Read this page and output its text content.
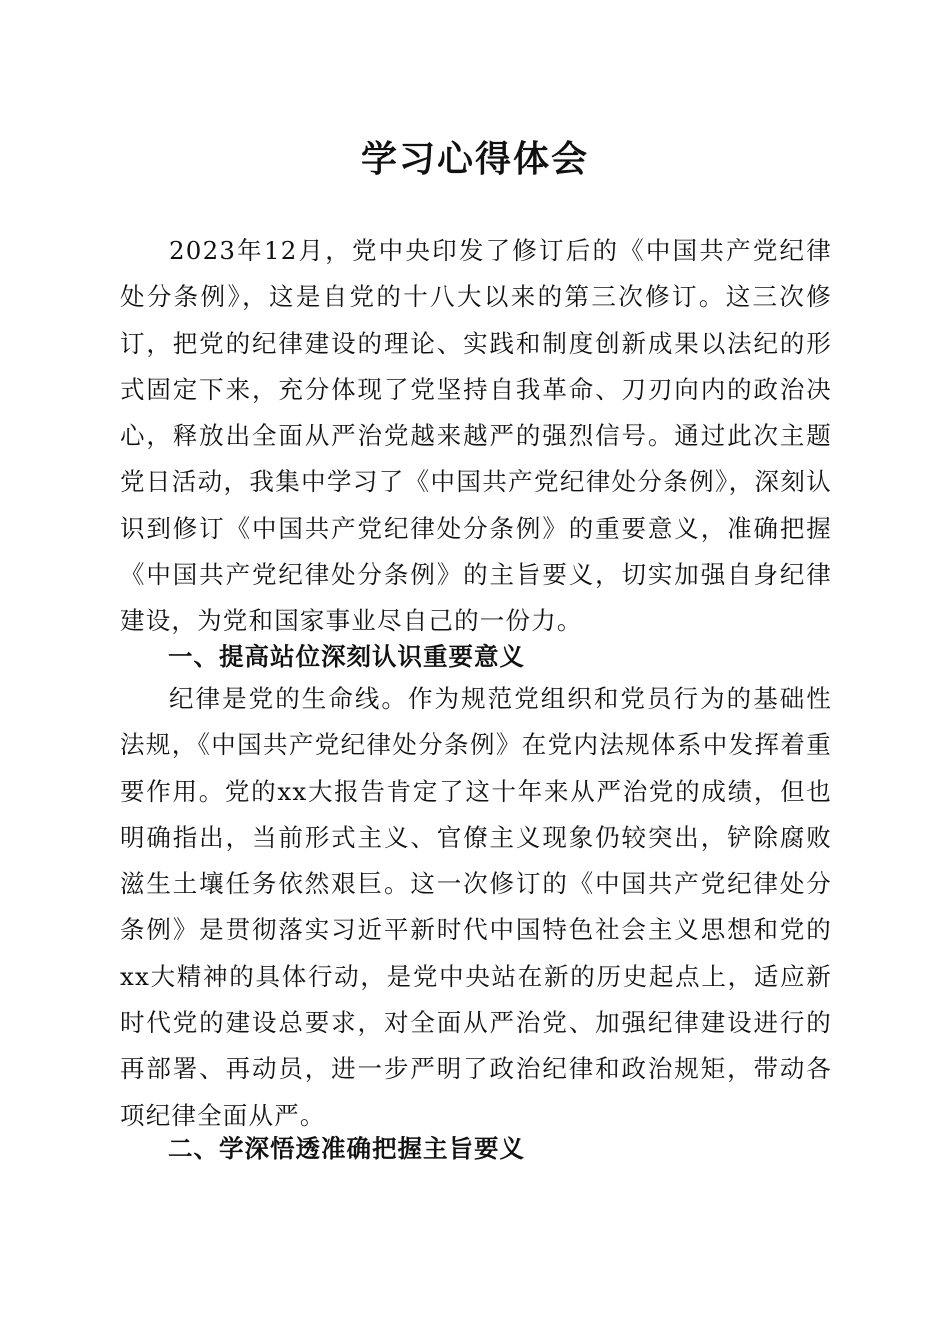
学习心得体会

2023年12月，党中央印发了修订后的《中国共产党纪律处分条例》，这是自党的十八大以来的第三次修订。这三次修订，把党的纪律建设的理论、实践和制度创新成果以法纪的形式固定下来，充分体现了党坚持自我革命、刀刃向内的政治决心，释放出全面从严治党越来越严的强烈信号。通过此次主题党日活动，我集中学习了《中国共产党纪律处分条例》，深刻认识到修订《中国共产党纪律处分条例》的重要意义，准确把握《中国共产党纪律处分条例》的主旨要义，切实加强自身纪律建设，为党和国家事业尽自己的一份力。

一、提高站位深刻认识重要意义

纪律是党的生命线。作为规范党组织和党员行为的基础性法规，《中国共产党纪律处分条例》在党内法规体系中发挥着重要作用。党的xx大报告肯定了这十年来从严治党的成绩，但也明确指出，当前形式主义、官僚主义现象仍较突出，铲除腐败滋生土壤任务依然艰巨。这一次修订的《中国共产党纪律处分条例》是贯彻落实习近平新时代中国特色社会主义思想和党的xx大精神的具体行动，是党中央站在新的历史起点上，适应新时代党的建设总要求，对全面从严治党、加强纪律建设进行的再部署、再动员，进一步严明了政治纪律和政治规矩，带动各项纪律全面从严。

二、学深悟透准确把握主旨要义
